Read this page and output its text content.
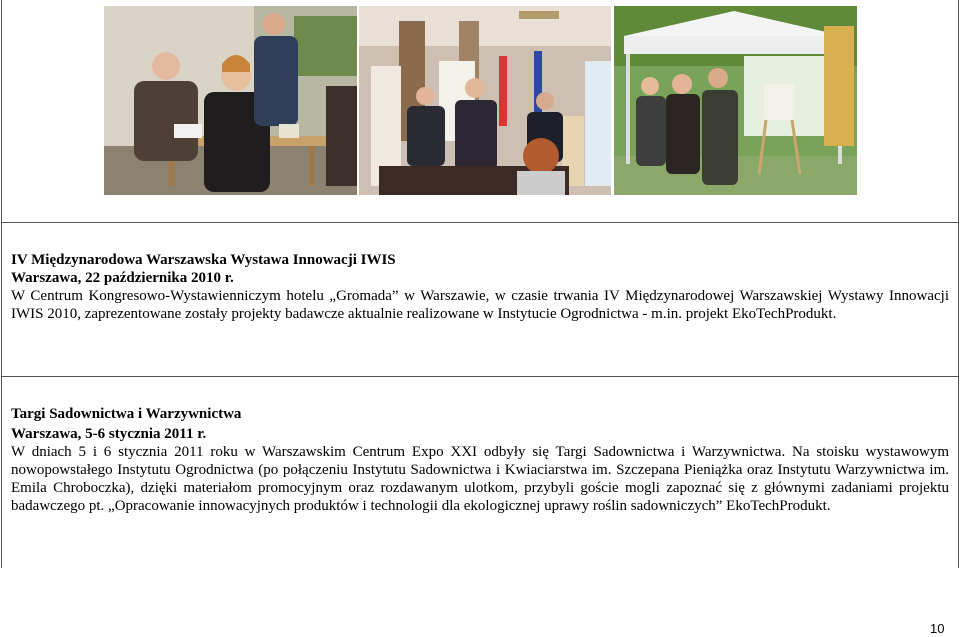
IV Międzynarodowa Warszawska Wystawa Innowacji IWIS

Warszawa, 22 października 2010 r.

W Centrum Kongresowo-Wystawienniczym hotelu „Gromada” w Warszawie, w czasie trwania IV Międzynarodowej Warszawskiej Wystawy Innowacji IWIS 2010, zaprezentowane zostały projekty badawcze aktualnie realizowane w Instytucie Ogrodnictwa - m.in. projekt EkoTechProdukt.

Targi Sadownictwa i Warzywnictwa

Warszawa, 5-6 stycznia 2011 r.

W dniach 5 i 6 stycznia 2011 roku w Warszawskim Centrum Expo XXI odbyły się Targi Sadownictwa i Warzywnictwa. Na stoisku wystawowym nowopowstałego Instytutu Ogrodnictwa (po połączeniu Instytutu Sadownictwa i Kwiaciarstwa im. Szczepana Pieniążka oraz Instytutu Warzywnictwa im. Emila Chroboczka), dzięki materiałom promocyjnym oraz rozdawanym ulotkom, przybyli goście mogli zapoznać się z głównymi zadaniami projektu badawczego pt. „Opracowanie innowacyjnych produktów i technologii dla ekologicznej uprawy roślin sadowniczych” EkoTechProdukt.

10
